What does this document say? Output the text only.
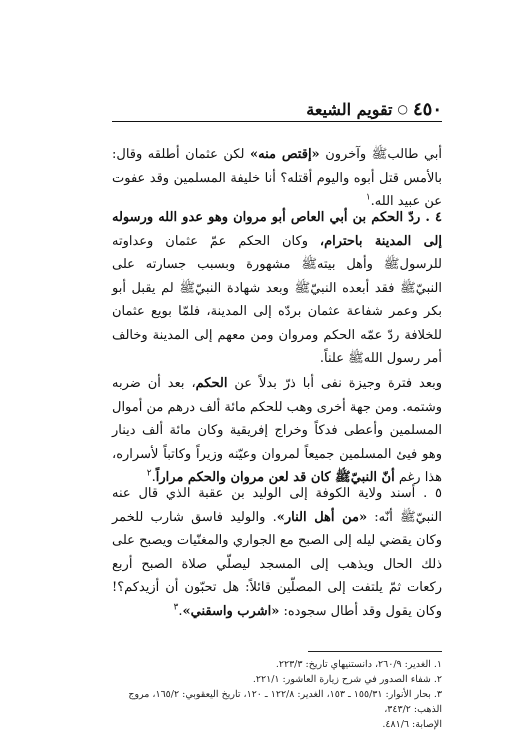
٤٥٠
○
تقويم الشيعة
أبي طالبﷺ وآخرون «إقتص منه» لكن عثمان أطلقه وقال: بالأمس قتل أبوه واليوم أقتله؟ أنا خليفة المسلمين وقد عفوت عن عبيد الله.$^١$
٤ . ردّ الحكم بن أبي العاص أبو مروان وهو عدو الله ورسوله إلى المدينة باحترام، وكان الحكم عمّ عثمان وعداوته للرسولﷺ وأهل بيتهﷺ مشهورة وبسبب جسارته على النبيّﷺ فقد أبعده النبيّﷺ وبعد شهادة النبيّﷺ لم يقبل أبو بكر وعمر شفاعة عثمان بردّه إلى المدينة، فلمّا بويع عثمان للخلافة ردّ عمّه الحكم ومروان ومن معهم إلى المدينة وخالف أمر رسول اللهﷺ علناً.
وبعد فترة وجيزة نفى أبا ذرّ بدلاً عن الحكم، بعد أن ضربه وشتمه. ومن جهة أخرى وهب للحكم مائة ألف درهم من أموال المسلمين وأعطى فدكاً وخراج إفريقية وكان مائة ألف دينار وهو فيئ المسلمين جميعاً لمروان وعيّنه وزيراً وكاتباً لأسراره، هذا رغم أنّ النبيّﷺ كان قد لعن مروان والحكم مراراً.$^٢$
٥ . أسند ولاية الكوفة إلى الوليد بن عقبة الذي قال عنه النبيّﷺ أنّه: «من أهل النار». والوليد فاسق شارب للخمر وكان يقضي ليله إلى الصبح مع الجواري والمغنّيات ويصبح على ذلك الحال ويذهب إلى المسجد ليصلّي صلاة الصبح أربع ركعات ثمّ يلتفت إلى المصلّين قائلاً: هل تحبّون أن أزيدكم؟! وكان يقول وقد أطال سجوده: «اشرب واسقني».$^٣$
١. الغدير: ٢٦٠/٩، دانستنيهاي تاريخ: ٢٢٣/٣.
٢. شفاء الصدور في شرح زيارة العاشور: ٢٢١/١.
٣. بحار الأنوار: ١٥٥/٣١ ـ ١٥٣، الغدير: ١٢٢/٨ ـ ١٢٠، تاريخ اليعقوبي: ١٦٥/٢، مروج الذهب: ٣٤٣/٢،
الإصابة: ٤٨١/٦.
